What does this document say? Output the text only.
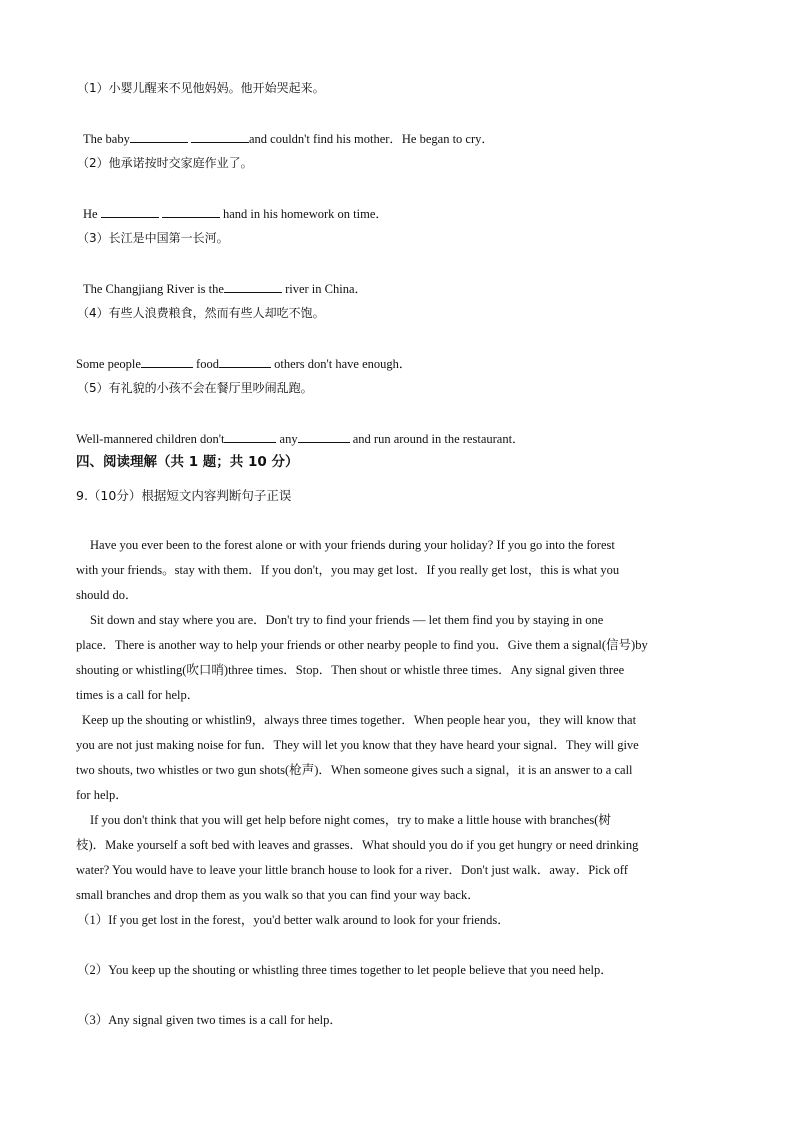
（1）小婴儿醒来不见他妈妈。他开始哭起来。
The baby	and couldn't find his mother．He began to cry．
（2）他承诺按时交家庭作业了。
He	hand in his homework on time．
（3）长江是中国第一长河。
The Changjiang River is the	river in China．
（4）有些人浪费粮食，然而有些人却吃不饱。
Some people	food	others don't have enough．
（5）有礼貌的小孩不会在餐厅里吵闹乱跑。
Well-mannered children don't	any	and run around in the restaurant．
四、阅读理解（共 1 题；共 10 分）
9.（10分）根据短文内容判断句子正误
Have you ever been to the forest alone or with your friends during your holiday? If you go into the forest
with your friends。stay with them．If you don't，you may get lost．If you really get lost，this is what you
should do．
Sit down and stay where you are．Don't try to find your friends — let them find you by staying in one
place．There is another way to help your friends or other nearby people to find you．Give them a signal(信号)by
shouting or whistling(吹口哨)three times．Stop．Then shout or whistle three times．Any signal given three
times is a call for help．
Keep up the shouting or whistlin9，always three times together．When people hear you，they will know that
you are not just making noise for fun．They will let you know that they have heard your signal．They will give
two shouts, two whistles or two gun shots(枪声)．When someone gives such a signal，it is an answer to a call
for help．
If you don't think that you will get help before night comes，try to make a little house with branches(树
枝)．Make yourself a soft bed with leaves and grasses．What should you do if you get hungry or need drinking
water? You would have to leave your little branch house to look for a river．Don't just walk．away．Pick off
small branches and drop them as you walk so that you can find your way back．
（1）If you get lost in the forest，you'd better walk around to look for your friends．
（2）You keep up the shouting or whistling three times together to let people believe that you need help．
（3）Any signal given two times is a call for help．
